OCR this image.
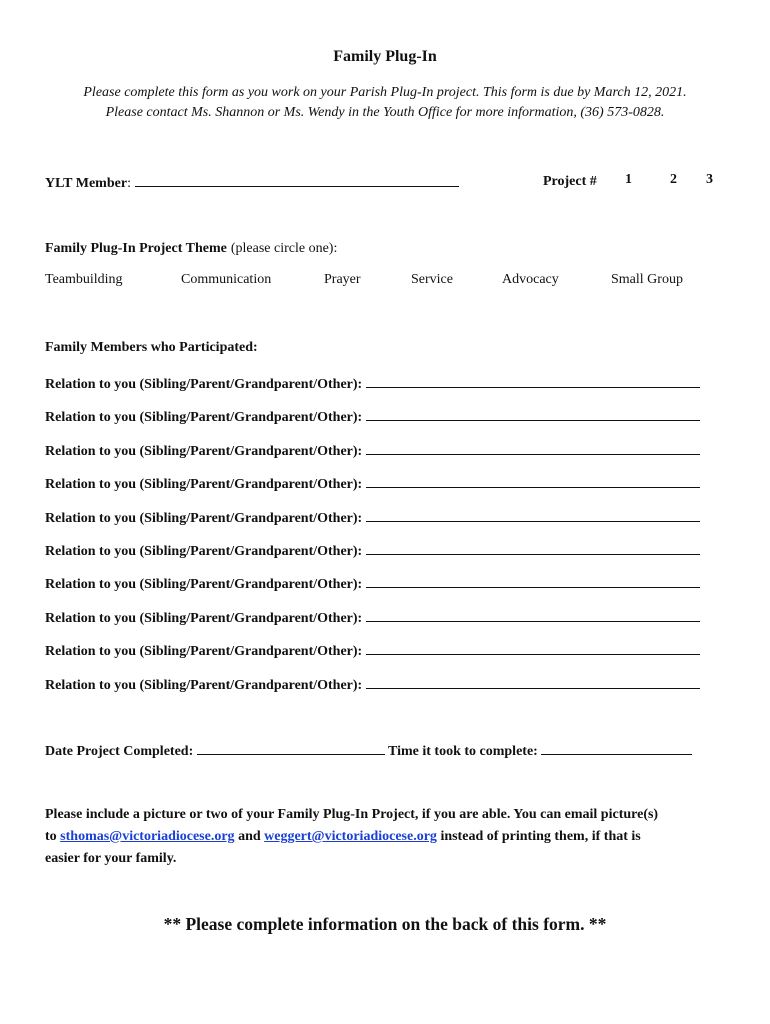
Family Plug-In
Please complete this form as you work on your Parish Plug-In project. This form is due by March 12, 2021.
Please contact Ms. Shannon or Ms. Wendy in the Youth Office for more information, (36) 573-0828.
YLT Member:	Project # 1	2 3
Family Plug-In Project Theme (please circle one):
Teambuilding	Communication	Prayer	Service	Advocacy	Small Group
Family Members who Participated:
Relation to you (Sibling/Parent/Grandparent/Other):
Relation to you (Sibling/Parent/Grandparent/Other):
Relation to you (Sibling/Parent/Grandparent/Other):
Relation to you (Sibling/Parent/Grandparent/Other):
Relation to you (Sibling/Parent/Grandparent/Other):
Relation to you (Sibling/Parent/Grandparent/Other):
Relation to you (Sibling/Parent/Grandparent/Other):
Relation to you (Sibling/Parent/Grandparent/Other):
Relation to you (Sibling/Parent/Grandparent/Other):
Relation to you (Sibling/Parent/Grandparent/Other):
Date Project Completed:	Time it took to complete:
Please include a picture or two of your Family Plug-In Project, if you are able. You can email picture(s)
to sthomas@victoriadiocese.org and weggert@victoriadiocese.org instead of printing them, if that is
easier for your family.
** Please complete information on the back of this form. **
